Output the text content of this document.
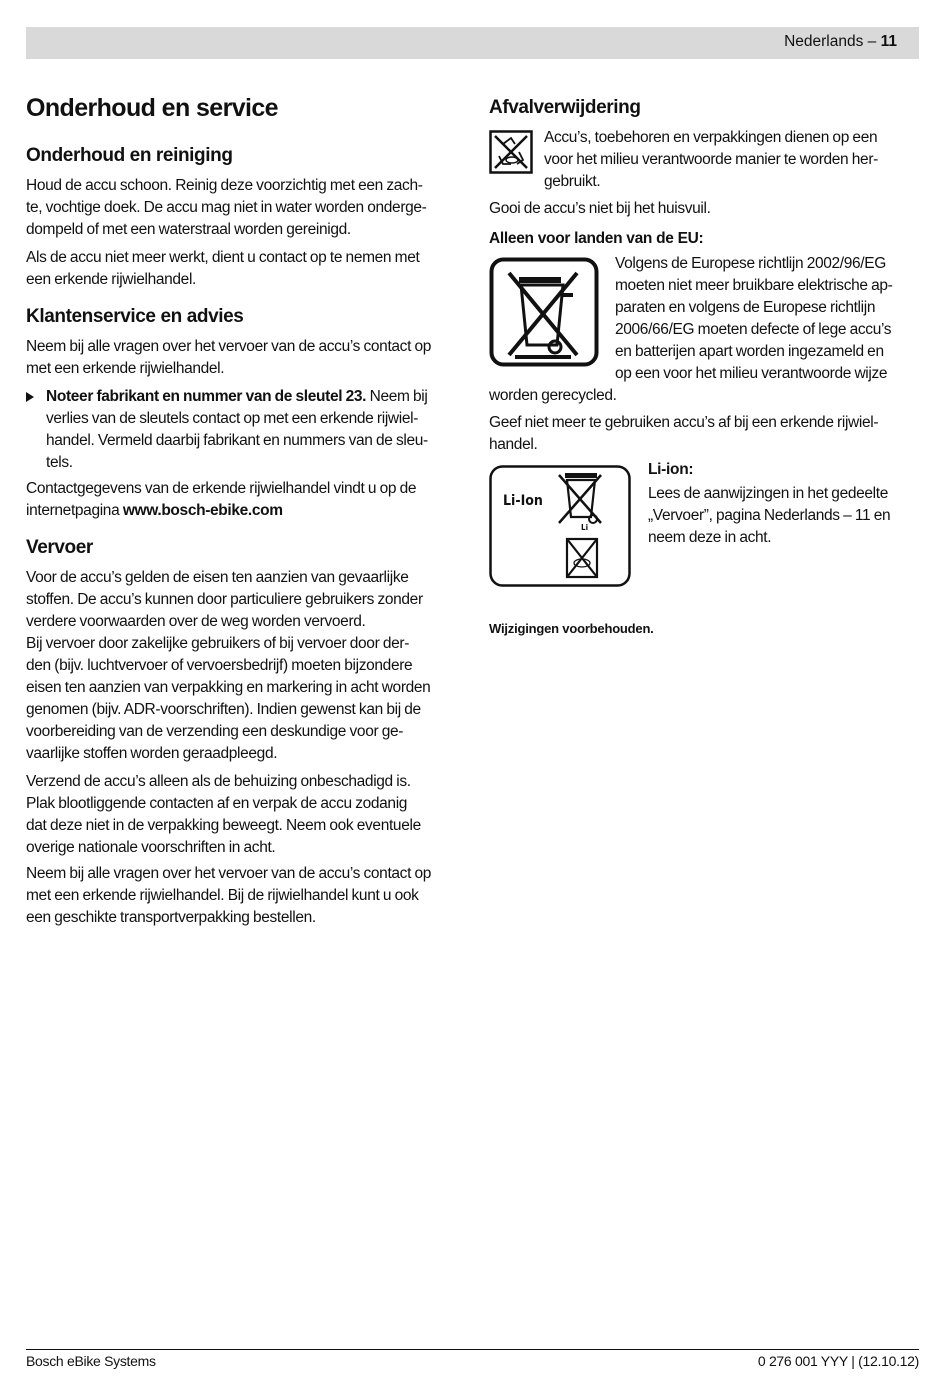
Nederlands – 11
Onderhoud en service
Onderhoud en reiniging

Houd de accu schoon. Reinig deze voorzichtig met een zach-

te, vochtige doek. De accu mag niet in water worden onderge-

dompeld of met een waterstraal worden gereinigd.

Als de accu niet meer werkt, dient u contact op te nemen met

een erkende rijwielhandel.

Klantenservice en advies

Neem bij alle vragen over het vervoer van de accu’s contact op

met een erkende rijwielhandel.

Noteer fabrikant en nummer van de sleutel 23. Neem bij

verlies van de sleutels contact op met een erkende rijwiel-

handel. Vermeld daarbij fabrikant en nummers van de sleu-

tels.

Contactgegevens van de erkende rijwielhandel vindt u op de

internetpagina www.bosch-ebike.com

Vervoer

Voor de accu’s gelden de eisen ten aanzien van gevaarlijke

stoffen. De accu’s kunnen door particuliere gebruikers zonder

verdere voorwaarden over de weg worden vervoerd.

Bij vervoer door zakelijke gebruikers of bij vervoer door der-

den (bijv. luchtvervoer of vervoersbedrijf) moeten bijzondere

eisen ten aanzien van verpakking en markering in acht worden

genomen (bijv. ADR-voorschriften). Indien gewenst kan bij de

voorbereiding van de verzending een deskundige voor ge-

vaarlijke stoffen worden geraadpleegd.

Verzend de accu’s alleen als de behuizing onbeschadigd is.

Plak blootliggende contacten af en verpak de accu zodanig

dat deze niet in de verpakking beweegt. Neem ook eventuele

overige nationale voorschriften in acht.

Neem bij alle vragen over het vervoer van de accu’s contact op

met een erkende rijwielhandel. Bij de rijwielhandel kunt u ook

een geschikte transportverpakking bestellen.

Afvalverwijdering

Accu’s, toebehoren en verpakkingen dienen op een

voor het milieu verantwoorde manier te worden her-

gebruikt.

Gooi de accu’s niet bij het huisvuil.

Alleen voor landen van de EU:

Volgens de Europese richtlijn 2002/96/EG

moeten niet meer bruikbare elektrische ap-

paraten en volgens de Europese richtlijn

2006/66/EG moeten defecte of lege accu’s

en batterijen apart worden ingezameld en

op een voor het milieu verantwoorde wijze

worden gerecycled.

Geef niet meer te gebruiken accu’s af bij een erkende rijwiel-

handel.

Li-Ion
Li
Li-ion:

Lees de aanwijzingen in het gedeelte

„Vervoer”, pagina Nederlands – 11 en

neem deze in acht.

Wijzigingen voorbehouden.
Bosch eBike Systems	0 276 001 YYY | (12.10.12)
